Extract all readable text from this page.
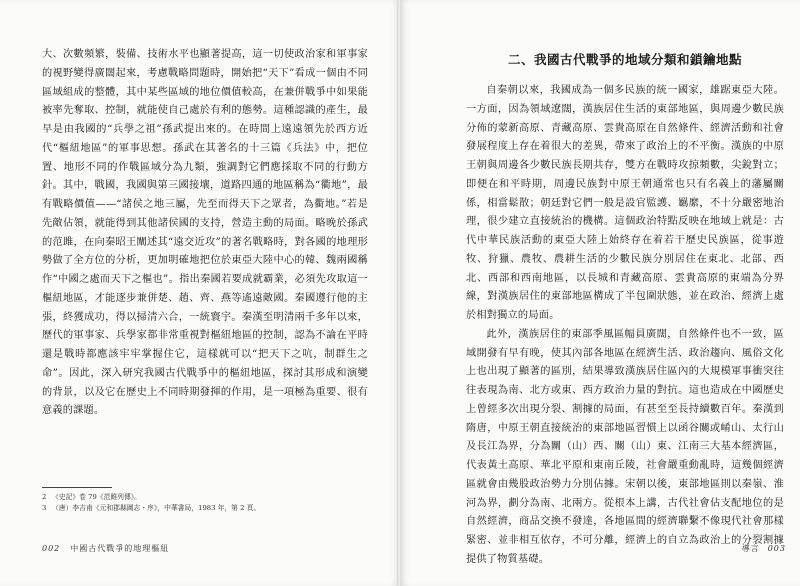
大、次數頻繁，裝備、技術水平也顯著提高，這一切使政治家和軍事家的視野變得廣闊起來，考慮戰略問題時，開始把“天下”看成一個由不同區域組成的整體，其中某些區域的地位價值較高，在兼併戰爭中如果能被率先奪取、控制，就能使自己處於有利的態勢。這種認識的產生，最早是由我國的“兵學之祖”孫武提出來的。在時間上遠遠領先於西方近代“樞紐地區”的軍事思想。孫武在其著名的十三篇《兵法》中，把位置、地形不同的作戰區域分為九類，強調對它們應採取不同的行動方針。其中，戰國，我國與第三國接壤，道路四通的地區稱為“衢地”，最有戰略價值——“諸侯之地三屬，先至而得天下之眾者，為衢地。”若是先敵佔領，就能得到其他諸侯國的支持，營造主動的局面。略晚於孫武的范雎，在向秦昭王闡述其“遠交近攻”的著名戰略時，對各國的地理形勢做了全方位的分析，更加明確地把位於東亞大陸中心的韓、魏兩國稱作“中國之處而天下之樞也”。指出秦國若要成就霸業，必須先攻取這一樞紐地區，才能逐步兼併楚、趙、齊、燕等遙遠敵國。秦國遵行他的主張，終獲成功，得以掃清六合，一統寰宇。秦漢至明清兩千多年以來，歷代的軍事家、兵學家都非常重視對樞紐地區的控制，認為不論在平時還是戰時都應該牢牢掌握住它，這樣就可以“把天下之吭，制群生之命”。因此，深入研究我國古代戰爭中的樞紐地區，探討其形成和演變的背景，以及它在歷史上不同時期發揮的作用，是一項極為重要、很有意義的課題。

2 《史記》卷 79《范雎列傳》。
3 （唐）李吉甫《元和郡縣圖志・序》，中華書局，1983 年，第 2 頁。
002 中國古代戰爭的地理樞紐
二、我國古代戰爭的地域分類和鎖鑰地點

自秦朝以來，我國成為一個多民族的統一國家，雄踞東亞大陸。一方面，因為領域遼闊，漢族居住生活的東部地區，與周邊少數民族分佈的蒙新高原、青藏高原、雲貴高原在自然條件、經濟活動和社會發展程度上存在着很大的差異，帶來了政治上的不平衡。漢族的中原王朝與周邊各少數民族長期共存，雙方在戰時攻掠頻數，尖銳對立；即便在和平時期，周邊民族對中原王朝通常也只有名義上的藩屬關係，相當鬆散；朝廷對它們一般是設官監護、羈縻，不十分嚴密地治理，很少建立直接統治的機構。這個政治特點反映在地域上就是：古代中華民族活動的東亞大陸上始終存在着若干歷史民族區，從事遊牧、狩獵、農牧、農耕生活的少數民族分別居住在東北、北部、西北、西部和西南地區，以長城和青藏高原、雲貴高原的東端為分界線，對漢族居住的東部地區構成了半包圍狀態，並在政治、經濟上處於相對獨立的局面。

此外，漢族居住的東部季風區幅員廣闊，自然條件也不一致，區域開發有早有晚，使其內部各地區在經濟生活、政治趨向、風俗文化上也出現了顯著的區別，結果導致漢族居住區內的大規模軍事衝突往往表現為南、北方或東、西方政治力量的對抗。這也造成在中國歷史上曾經多次出現分裂、割據的局面，有甚至至長持續數百年。秦漢到隋唐，中原王朝直接統治的東部地區習慣上以函谷關或崤山、太行山及長江為界，分為關（山）西、關（山）東、江南三大基本經濟區，代表黃土高原、華北平原和東南丘陵，社會嚴重動亂時，這幾個經濟區就會由幾股政治勢力分別佔據。宋朝以後，東部地區則以秦嶺、淮河為界，劃分為南、北兩方。從根本上講，古代社會佔支配地位的是自然經濟，商品交換不發達，各地區間的經濟聯繫不像現代社會那樣緊密、並非相互依存，不可分離，經濟上的自立為政治上的分裂割據提供了物質基礎。

導言 003
